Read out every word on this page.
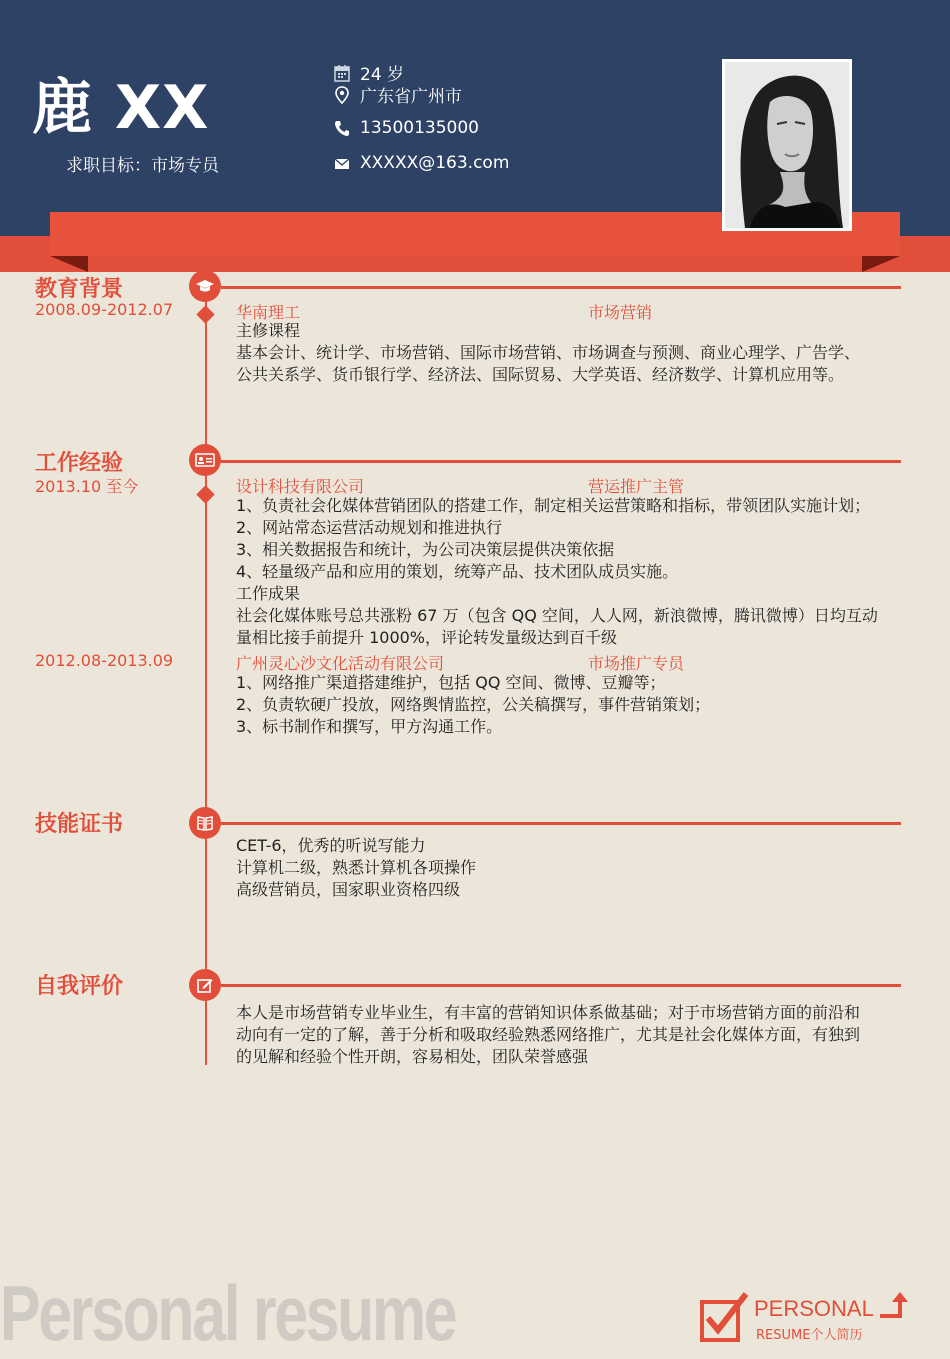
鹿 XX
求职目标：市场专员
24 岁
广东省广州市
13500135000
XXXXX@163.com
教育背景
2008.09-2012.07	华南理工	市场营销
主修课程
基本会计、统计学、市场营销、国际市场营销、市场调查与预测、商业心理学、广告学、
公共关系学、货币银行学、经济法、国际贸易、大学英语、经济数学、计算机应用等。
工作经验
2013.10 至今	设计科技有限公司	营运推广主管
1、负责社会化媒体营销团队的搭建工作，制定相关运营策略和指标，带领团队实施计划；
2、网站常态运营活动规划和推进执行
3、相关数据报告和统计，为公司决策层提供决策依据
4、轻量级产品和应用的策划，统筹产品、技术团队成员实施。
工作成果
社会化媒体账号总共涨粉 67 万（包含 QQ 空间，人人网，新浪微博，腾讯微博）日均互动
量相比接手前提升 1000%，评论转发量级达到百千级
2012.08-2013.09	广州灵心沙文化活动有限公司	市场推广专员
1、网络推广渠道搭建维护，包括 QQ 空间、微博、豆瓣等；
2、负责软硬广投放，网络舆情监控，公关稿撰写，事件营销策划；
3、标书制作和撰写，甲方沟通工作。
技能证书
CET-6，优秀的听说写能力
计算机二级，熟悉计算机各项操作
高级营销员，国家职业资格四级
自我评价
本人是市场营销专业毕业生，有丰富的营销知识体系做基础；对于市场营销方面的前沿和
动向有一定的了解，善于分析和吸取经验熟悉网络推广，尤其是社会化媒体方面，有独到
的见解和经验个性开朗，容易相处，团队荣誉感强
Personal resume	PERSONAL
RESUME个人简历
